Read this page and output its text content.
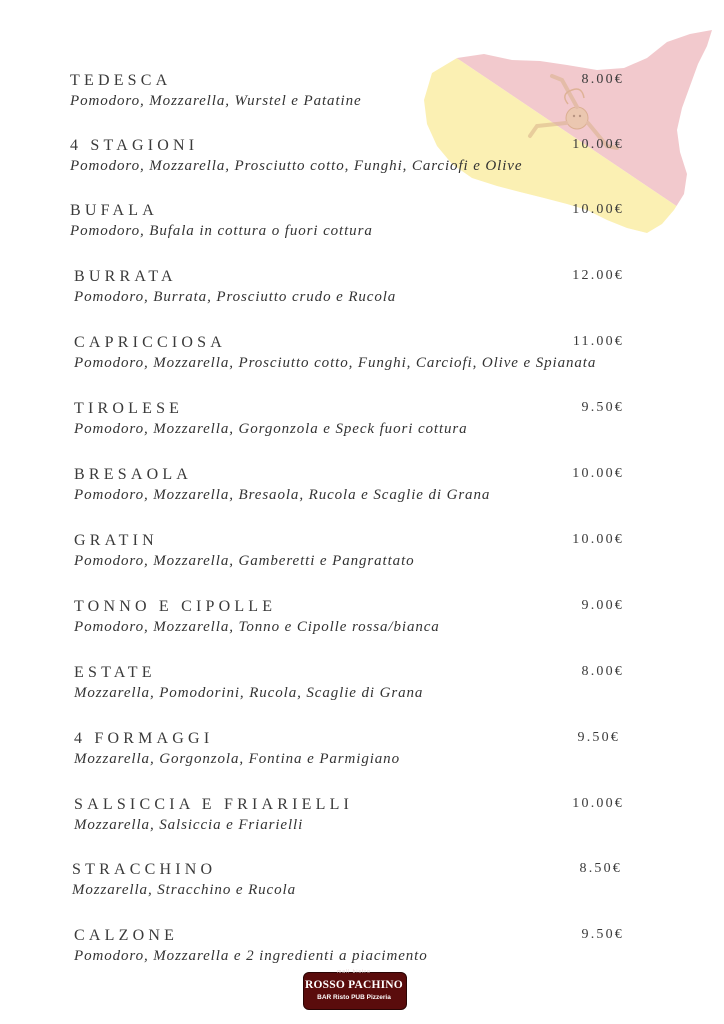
TEDESCA	8.00€
Pomodoro, Mozzarella, Wurstel e Patatine
4 STAGIONI	10.00€
Pomodoro, Mozzarella, Prosciutto cotto, Funghi, Carciofi e Olive
BUFALA	10.00€
Pomodoro, Bufala in cottura o fuori cottura
BURRATA	12.00€
Pomodoro, Burrata, Prosciutto crudo e Rucola
CAPRICCIOSA	11.00€
Pomodoro, Mozzarella, Prosciutto cotto, Funghi, Carciofi, Olive e Spianata
TIROLESE	9.50€
Pomodoro, Mozzarella, Gorgonzola e Speck fuori cottura
BRESAOLA	10.00€
Pomodoro, Mozzarella, Bresaola, Rucola e Scaglie di Grana
GRATIN	10.00€
Pomodoro, Mozzarella, Gamberetti e Pangrattato
TONNO E CIPOLLE	9.00€
Pomodoro, Mozzarella, Tonno e Cipolle rossa/bianca
ESTATE	8.00€
Mozzarella, Pomodorini, Rucola, Scaglie di Grana
4 FORMAGGI	9.50€
Mozzarella, Gorgonzola, Fontina e Parmigiano
SALSICCIA E FRIARIELLI	10.00€
Mozzarella, Salsiccia e Friarielli
STRACCHINO	8.50€
Mozzarella, Stracchino e Rucola
CALZONE	9.50€
Pomodoro, Mozzarella e 2 ingredienti a piacimento
mall bistro
ROSSO PACHINO
BAR Risto PUB Pizzeria
